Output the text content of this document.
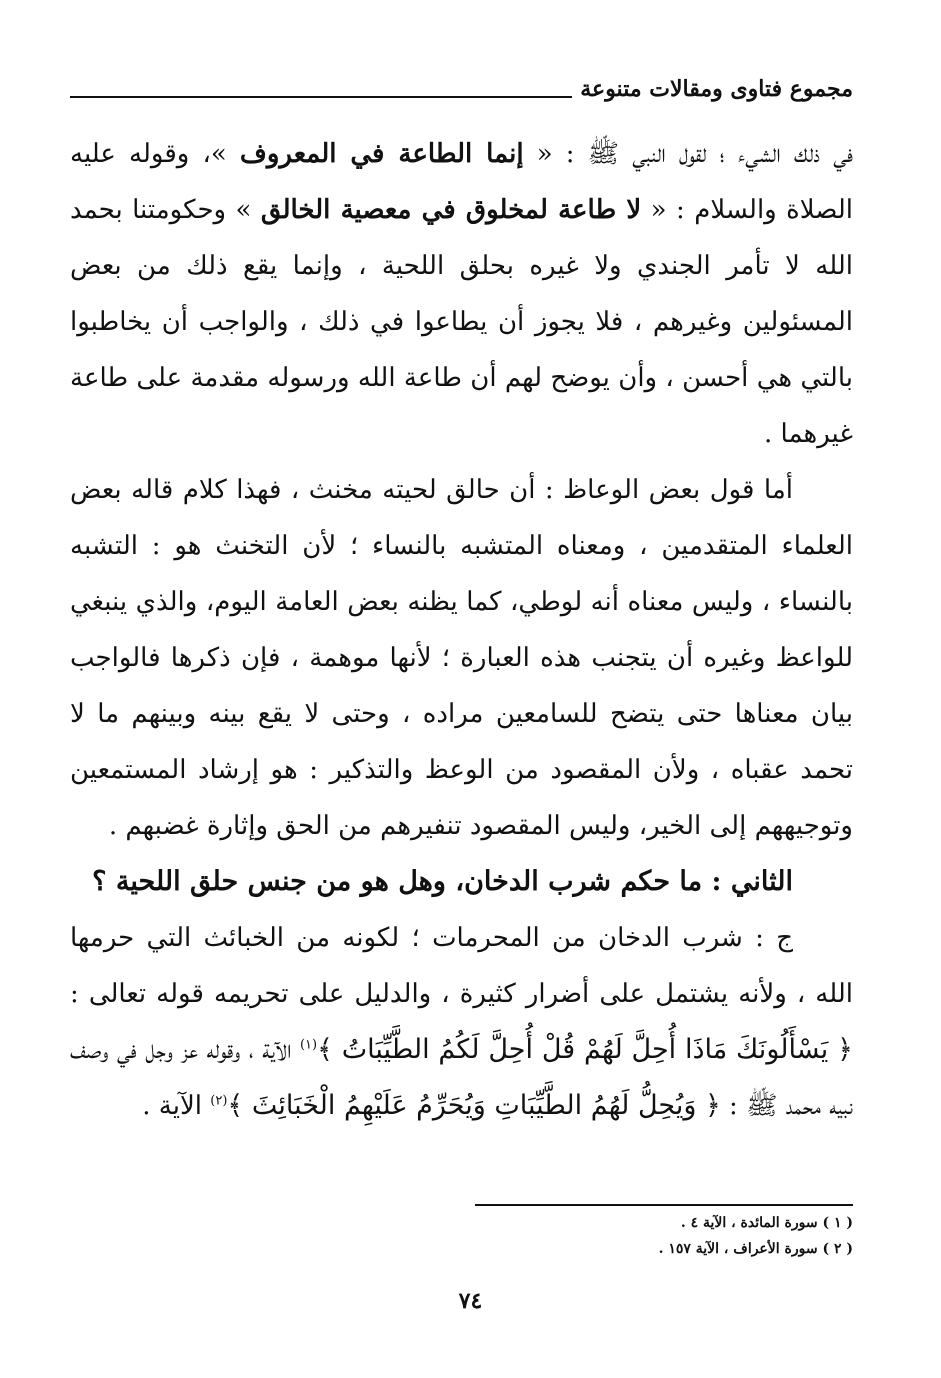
مجموع فتاوى ومقالات متنوعة

في ذلك الشيء ؛ لقول النبي ﷺ : « إنما الطاعة في المعروف »، وقوله عليه الصلاة والسلام : « لا طاعة لمخلوق في معصية الخالق » وحكومتنا بحمد الله لا تأمر الجندي ولا غيره بحلق اللحية ، وإنما يقع ذلك من بعض المسئولين وغيرهم ، فلا يجوز أن يطاعوا في ذلك ، والواجب أن يخاطبوا بالتي هي أحسن ، وأن يوضح لهم أن طاعة الله ورسوله مقدمة على طاعة غيرهما .

أما قول بعض الوعاظ : أن حالق لحيته مخنث ، فهذا كلام قاله بعض العلماء المتقدمين ، ومعناه المتشبه بالنساء ؛ لأن التخنث هو : التشبه بالنساء ، وليس معناه أنه لوطي، كما يظنه بعض العامة اليوم، والذي ينبغي للواعظ وغيره أن يتجنب هذه العبارة ؛ لأنها موهمة ، فإن ذكرها فالواجب بيان معناها حتى يتضح للسامعين مراده ، وحتى لا يقع بينه وبينهم ما لا تحمد عقباه ، ولأن المقصود من الوعظ والتذكير : هو إرشاد المستمعين وتوجيههم إلى الخير، وليس المقصود تنفيرهم من الحق وإثارة غضبهم .

الثاني : ما حكم شرب الدخان، وهل هو من جنس حلق اللحية ؟

ج : شرب الدخان من المحرمات ؛ لكونه من الخبائث التي حرمها الله ، ولأنه يشتمل على أضرار كثيرة ، والدليل على تحريمه قوله تعالى : ﴿ يَسْأَلُونَكَ مَاذَا أُحِلَّ لَهُمْ قُلْ أُحِلَّ لَكُمُ الطَّيِّبَاتُ ﴾$^{(١)}$ الآية ، وقوله عز وجل في وصف نبيه محمد ﷺ : ﴿ وَيُحِلُّ لَهُمُ الطَّيِّبَاتِ وَيُحَرِّمُ عَلَيْهِمُ الْخَبَائِثَ ﴾$^{(٢)}$ الآية .

( ١ ) سورة المائدة ، الآية ٤ .
( ٢ ) سورة الأعراف ، الآية ١٥٧ .
٧٤
